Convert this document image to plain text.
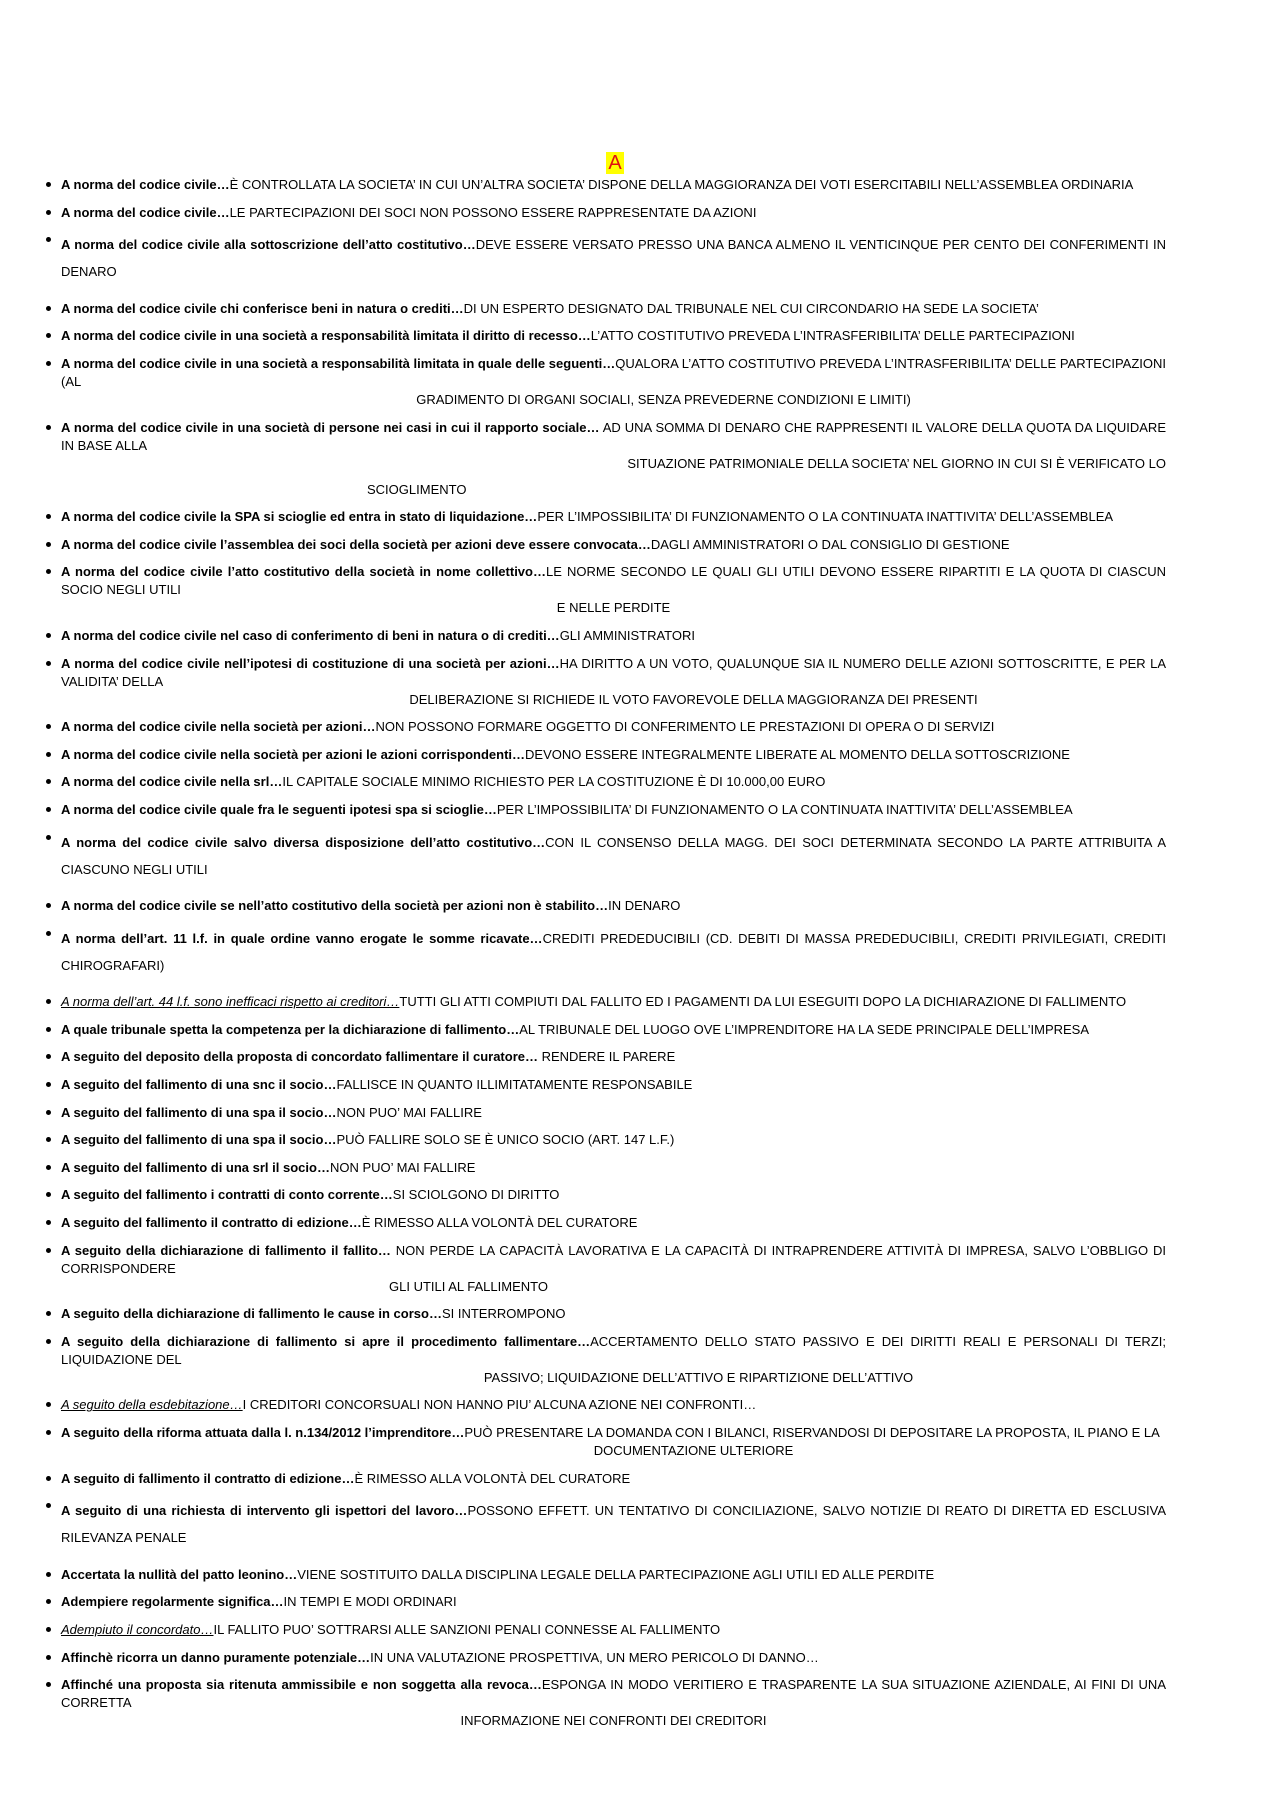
A
A norma del codice civile…È CONTROLLATA LA SOCIETA’ IN CUI UN’ALTRA SOCIETA’ DISPONE DELLA MAGGIORANZA DEI VOTI ESERCITABILI NELL’ASSEMBLEA ORDINARIA
A norma del codice civile…LE PARTECIPAZIONI DEI SOCI NON POSSONO ESSERE RAPPRESENTATE DA AZIONI
A norma del codice civile alla sottoscrizione dell’atto costitutivo…DEVE ESSERE VERSATO PRESSO UNA BANCA ALMENO IL VENTICINQUE PER CENTO DEI CONFERIMENTI IN DENARO
A norma del codice civile chi conferisce beni in natura o crediti…DI UN ESPERTO DESIGNATO DAL TRIBUNALE NEL CUI CIRCONDARIO HA SEDE LA SOCIETA’
A norma del codice civile in una società a responsabilità limitata il diritto di recesso…L’ATTO COSTITUTIVO PREVEDA L’INTRASFERIBILITA’ DELLE PARTECIPAZIONI
A norma del codice civile in una società a responsabilità limitata in quale delle seguenti…QUALORA L’ATTO COSTITUTIVO PREVEDA L’INTRASFERIBILITA’ DELLE PARTECIPAZIONI (AL
GRADIMENTO DI ORGANI SOCIALI, SENZA PREVEDERNE CONDIZIONI E LIMITI)
A norma del codice civile in una società di persone nei casi in cui il rapporto sociale… AD UNA SOMMA DI DENARO CHE RAPPRESENTI IL VALORE DELLA QUOTA DA LIQUIDARE IN BASE ALLA
SITUAZIONE PATRIMONIALE DELLA SOCIETA’ NEL GIORNO IN CUI SI È VERIFICATO LO
SCIOGLIMENTO
A norma del codice civile la SPA si scioglie ed entra in stato di liquidazione…PER L’IMPOSSIBILITA’ DI FUNZIONAMENTO O LA CONTINUATA INATTIVITA’ DELL’ASSEMBLEA
A norma del codice civile l’assemblea dei soci della società per azioni deve essere convocata…DAGLI AMMINISTRATORI O DAL CONSIGLIO DI GESTIONE
A norma del codice civile l’atto costitutivo della società in nome collettivo…LE NORME SECONDO LE QUALI GLI UTILI DEVONO ESSERE RIPARTITI E LA QUOTA DI CIASCUN SOCIO NEGLI UTILI
E NELLE PERDITE
A norma del codice civile nel caso di conferimento di beni in natura o di crediti…GLI AMMINISTRATORI
A norma del codice civile nell’ipotesi di costituzione di una società per azioni…HA DIRITTO A UN VOTO, QUALUNQUE SIA IL NUMERO DELLE AZIONI SOTTOSCRITTE, E PER LA VALIDITA’ DELLA
DELIBERAZIONE SI RICHIEDE IL VOTO FAVOREVOLE DELLA MAGGIORANZA DEI PRESENTI
A norma del codice civile nella società per azioni…NON POSSONO FORMARE OGGETTO DI CONFERIMENTO LE PRESTAZIONI DI OPERA O DI SERVIZI
A norma del codice civile nella società per azioni le azioni corrispondenti…DEVONO ESSERE INTEGRALMENTE LIBERATE AL MOMENTO DELLA SOTTOSCRIZIONE
A norma del codice civile nella srl…IL CAPITALE SOCIALE MINIMO RICHIESTO PER LA COSTITUZIONE È DI 10.000,00 EURO
A norma del codice civile quale fra le seguenti ipotesi spa si scioglie…PER L’IMPOSSIBILITA’ DI FUNZIONAMENTO O LA CONTINUATA INATTIVITA’ DELL’ASSEMBLEA
A norma del codice civile salvo diversa disposizione dell’atto costitutivo…CON IL CONSENSO DELLA MAGG. DEI SOCI DETERMINATA SECONDO LA PARTE ATTRIBUITA A CIASCUNO NEGLI UTILI
A norma del codice civile se nell’atto costitutivo della società per azioni non è stabilito…IN DENARO
A norma dell’art. 11 l.f. in quale ordine vanno erogate le somme ricavate…CREDITI PREDEDUCIBILI (CD. DEBITI DI MASSA PREDEDUCIBILI, CREDITI PRIVILEGIATI, CREDITI CHIROGRAFARI)
A norma dell’art. 44 l.f. sono inefficaci rispetto ai creditori…TUTTI GLI ATTI COMPIUTI DAL FALLITO ED I PAGAMENTI DA LUI ESEGUITI DOPO LA DICHIARAZIONE DI FALLIMENTO
A quale tribunale spetta la competenza per la dichiarazione di fallimento…AL TRIBUNALE DEL LUOGO OVE L’IMPRENDITORE HA LA SEDE PRINCIPALE DELL’IMPRESA
A seguito del deposito della proposta di concordato fallimentare il curatore… RENDERE IL PARERE
A seguito del fallimento di una snc il socio…FALLISCE IN QUANTO ILLIMITATAMENTE RESPONSABILE
A seguito del fallimento di una spa il socio…NON PUO’ MAI FALLIRE
A seguito del fallimento di una spa il socio…PUÒ FALLIRE SOLO SE È UNICO SOCIO (ART. 147 L.F.)
A seguito del fallimento di una srl il socio…NON PUO’ MAI FALLIRE
A seguito del fallimento i contratti di conto corrente…SI SCIOLGONO DI DIRITTO
A seguito del fallimento il contratto di edizione…È RIMESSO ALLA VOLONTÀ DEL CURATORE
A seguito della dichiarazione di fallimento il fallito… NON PERDE LA CAPACITÀ LAVORATIVA E LA CAPACITÀ DI INTRAPRENDERE ATTIVITÀ DI IMPRESA, SALVO L’OBBLIGO DI CORRISPONDERE
GLI UTILI AL FALLIMENTO
A seguito della dichiarazione di fallimento le cause in corso…SI INTERROMPONO
A seguito della dichiarazione di fallimento si apre il procedimento fallimentare…ACCERTAMENTO DELLO STATO PASSIVO E DEI DIRITTI REALI E PERSONALI DI TERZI; LIQUIDAZIONE DEL
PASSIVO; LIQUIDAZIONE DELL’ATTIVO E RIPARTIZIONE DELL’ATTIVO
A seguito della esdebitazione…I CREDITORI CONCORSUALI NON HANNO PIU’ ALCUNA AZIONE NEI CONFRONTI…
A seguito della riforma attuata dalla l. n.134/2012 l’imprenditore…PUÒ PRESENTARE LA DOMANDA CON I BILANCI, RISERVANDOSI DI DEPOSITARE LA PROPOSTA, IL PIANO E LA
DOCUMENTAZIONE ULTERIORE
A seguito di fallimento il contratto di edizione…È RIMESSO ALLA VOLONTÀ DEL CURATORE
A seguito di una richiesta di intervento gli ispettori del lavoro…POSSONO EFFETT. UN TENTATIVO DI CONCILIAZIONE, SALVO NOTIZIE DI REATO DI DIRETTA ED ESCLUSIVA RILEVANZA PENALE
Accertata la nullità del patto leonino…VIENE SOSTITUITO DALLA DISCIPLINA LEGALE DELLA PARTECIPAZIONE AGLI UTILI ED ALLE PERDITE
Adempiere regolarmente significa…IN TEMPI E MODI ORDINARI
Adempiuto il concordato…IL FALLITO PUO’ SOTTRARSI ALLE SANZIONI PENALI CONNESSE AL FALLIMENTO
Affinchè ricorra un danno puramente potenziale…IN UNA VALUTAZIONE PROSPETTIVA, UN MERO PERICOLO DI DANNO…
Affinché una proposta sia ritenuta ammissibile e non soggetta alla revoca…ESPONGA IN MODO VERITIERO E TRASPARENTE LA SUA SITUAZIONE AZIENDALE, AI FINI DI UNA CORRETTA
INFORMAZIONE NEI CONFRONTI DEI CREDITORI
